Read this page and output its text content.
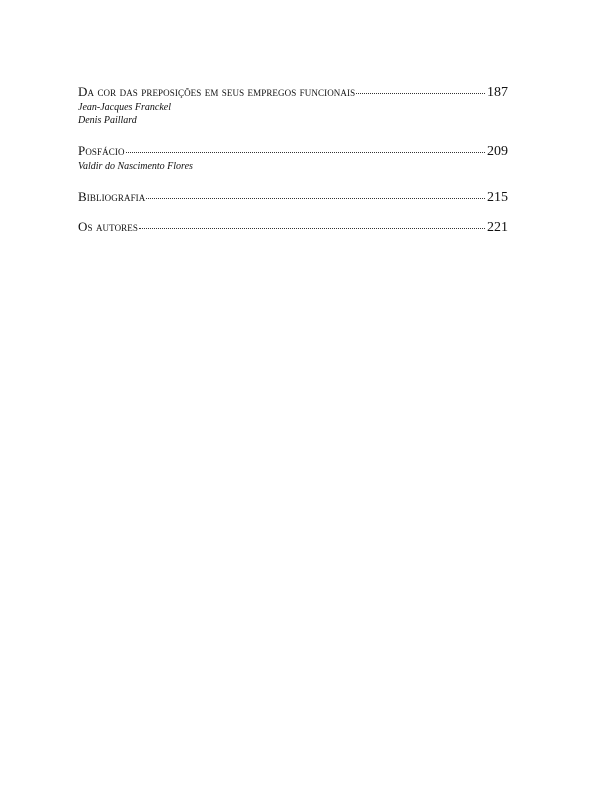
Da cor das preposições em seus empregos funcionais	187
Jean-Jacques Franckel
Denis Paillard
Posfácio	209
Valdir do Nascimento Flores
Bibliografia	215
Os autores	221
